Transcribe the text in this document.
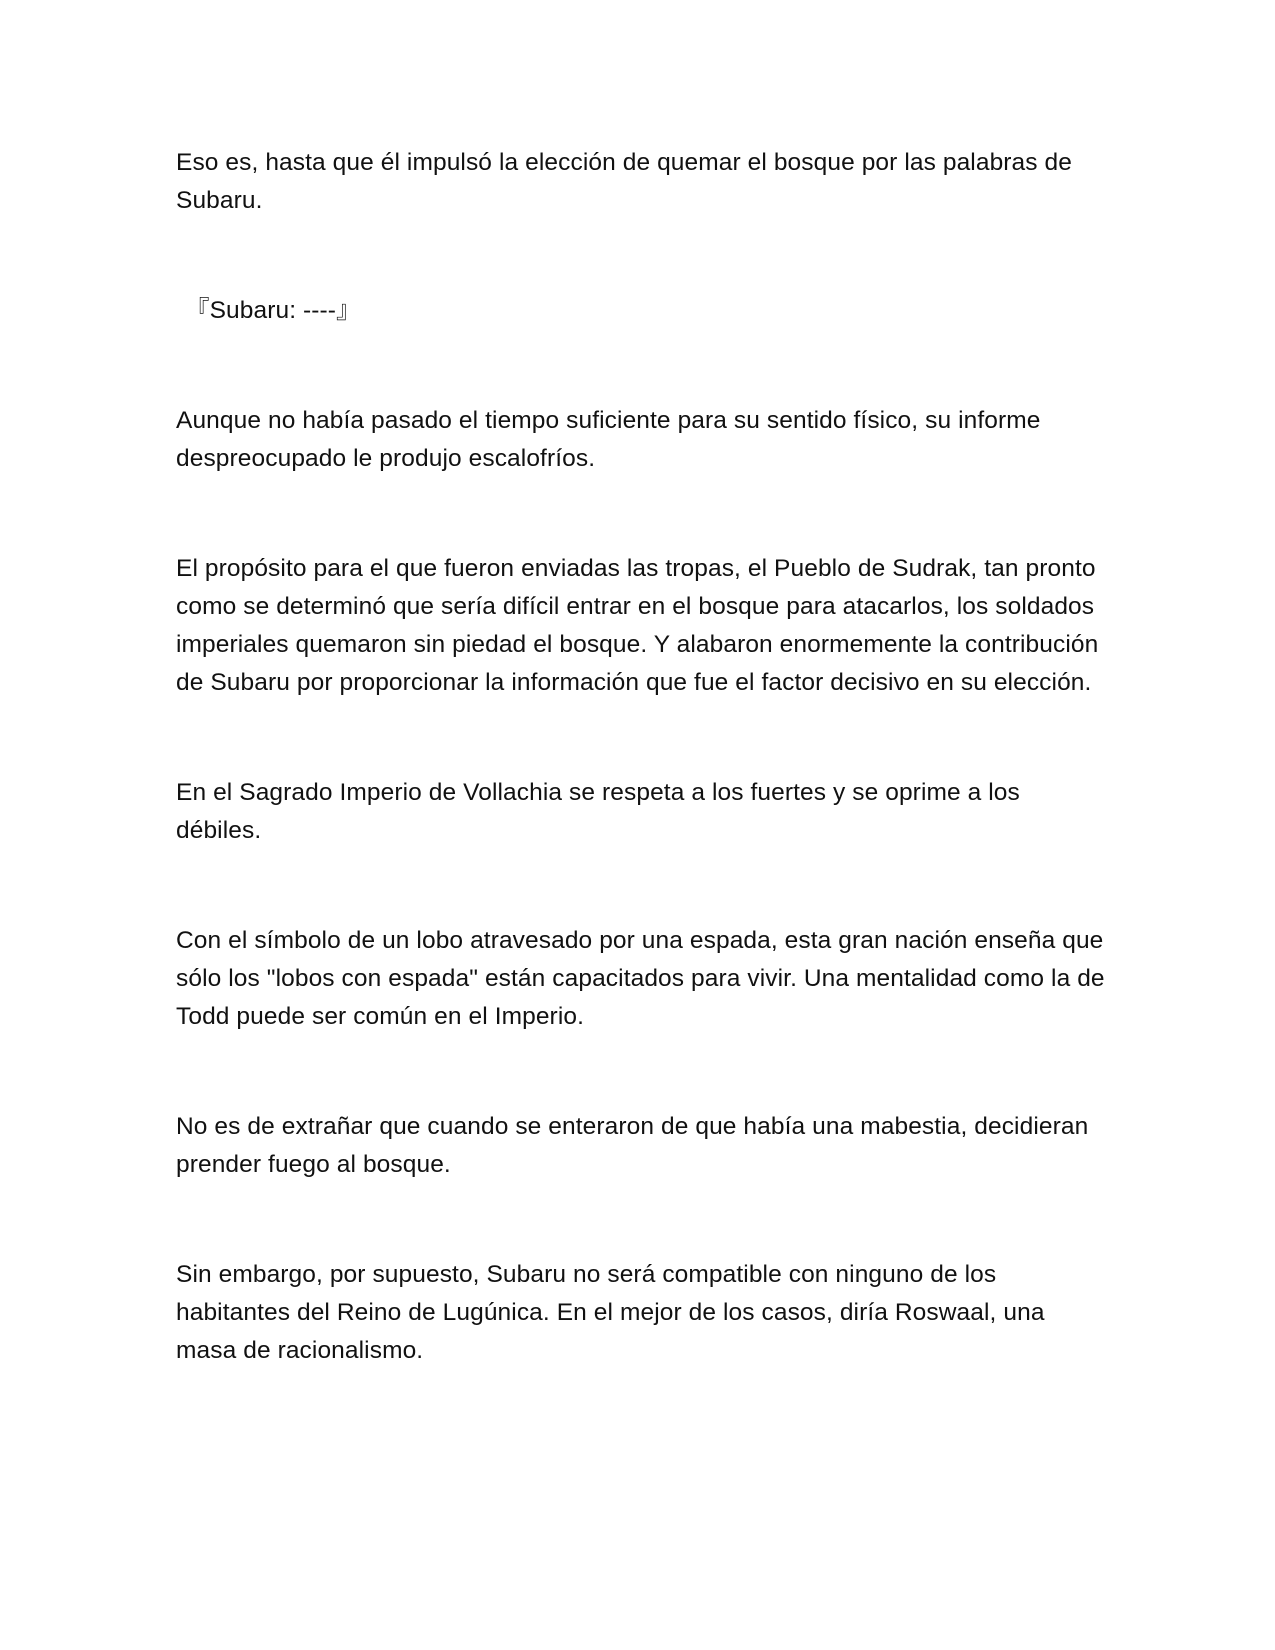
Eso es, hasta que él impulsó la elección de quemar el bosque por las palabras de Subaru.

『Subaru: ----』

Aunque no había pasado el tiempo suficiente para su sentido físico, su informe despreocupado le produjo escalofríos.

El propósito para el que fueron enviadas las tropas, el Pueblo de Sudrak, tan pronto como se determinó que sería difícil entrar en el bosque para atacarlos, los soldados imperiales quemaron sin piedad el bosque. Y alabaron enormemente la contribución de Subaru por proporcionar la información que fue el factor decisivo en su elección.

En el Sagrado Imperio de Vollachia se respeta a los fuertes y se oprime a los débiles.

Con el símbolo de un lobo atravesado por una espada, esta gran nación enseña que sólo los "lobos con espada" están capacitados para vivir. Una mentalidad como la de Todd puede ser común en el Imperio.

No es de extrañar que cuando se enteraron de que había una mabestia, decidieran prender fuego al bosque.

Sin embargo, por supuesto, Subaru no será compatible con ninguno de los habitantes del Reino de Lugúnica. En el mejor de los casos, diría Roswaal, una masa de racionalismo.
